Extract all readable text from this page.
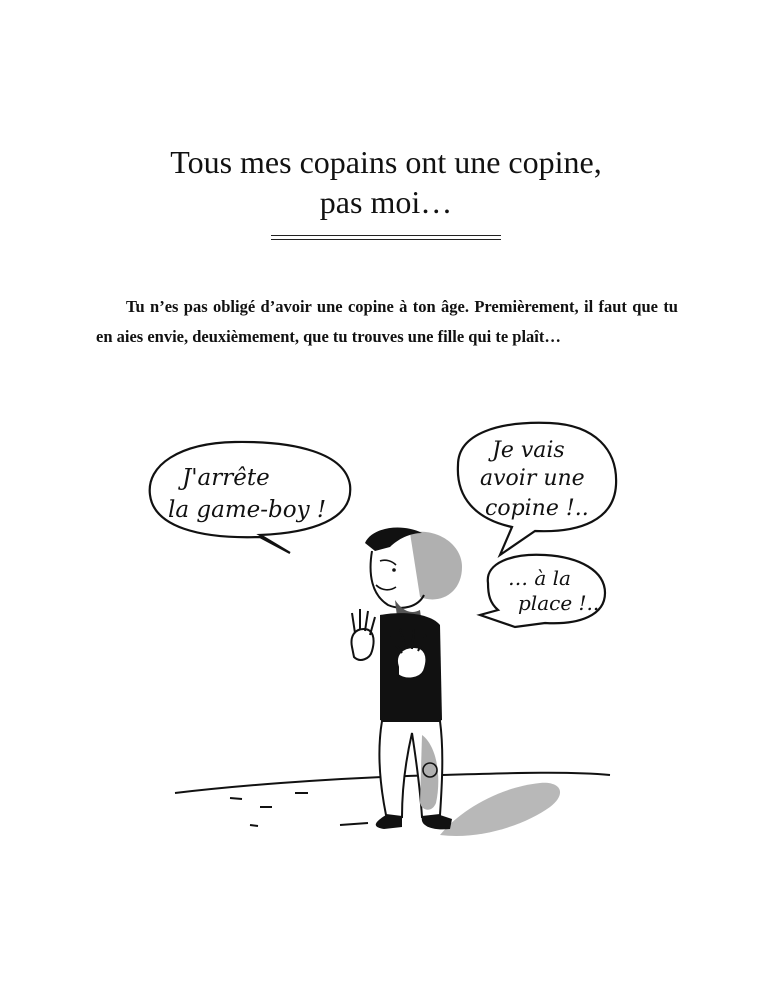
Tous mes copains ont une copine,
pas moi…

Tu n’es pas obligé d’avoir une copine à ton âge. Premièrement, il faut que tu en aies envie, deuxièmement, que tu trouves une fille qui te plaît…

J'arrête
la game-boy !
Je vais
avoir une
copine !..
… à la
place !..
